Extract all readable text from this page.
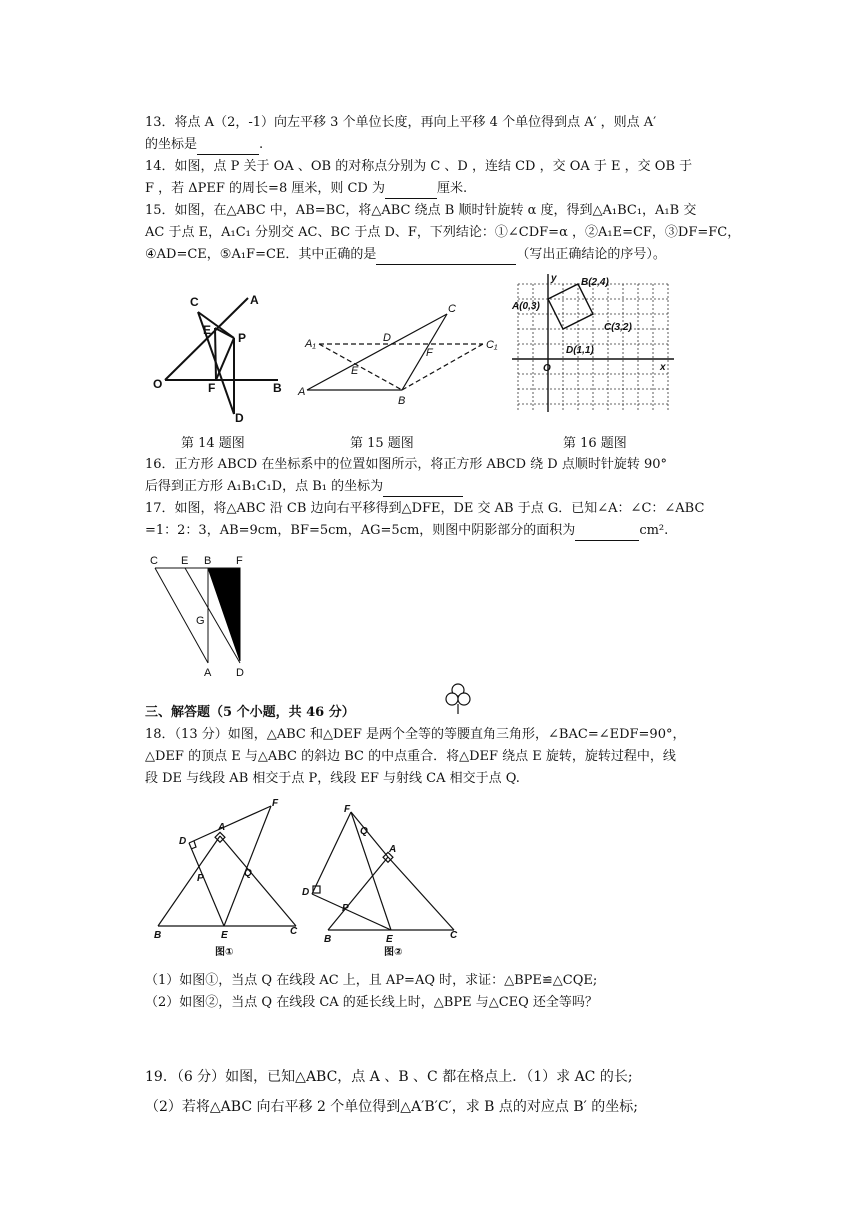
13．将点 A（2，-1）向左平移 3 个单位长度，再向上平移 4 个单位得到点 A′ ，则点 A′
的坐标是	.
14．如图，点 P 关于 OA 、OB 的对称点分别为 C 、D ，连结 CD ，交 OA 于 E ，交 OB 于
F ，若 ΔPEF 的周长=8 厘米，则 CD 为	厘米.
15．如图，在△ABC 中，AB=BC，将△ABC 绕点 B 顺时针旋转 α 度，得到△A₁BC₁，A₁B 交
AC 于点 E，A₁C₁ 分别交 AC、BC 于点 D、F，下列结论：①∠CDF=α ，②A₁E=CF，③DF=FC，
④AD=CE，⑤A₁F=CE．其中正确的是	（写出正确结论的序号）。
C	A
E
P
O	F	B
D
C
A₁	D
C₁
F
E
A
B
y B(2,4)
A(0,3)
C(3,2)
D(1,1)
O	x
第 14 题图	第 15 题图	第 16 题图
16．正方形 ABCD 在坐标系中的位置如图所示，将正方形 ABCD 绕 D 点顺时针旋转 90°
后得到正方形 A₁B₁C₁D，点 B₁ 的坐标为
17．如图，将△ABC 沿 CB 边向右平移得到△DFE，DE 交 AB 于点 G．已知∠A：∠C：∠ABC
=1：2：3，AB=9cm，BF=5cm，AG=5cm，则图中阴影部分的面积为	cm².
C E B F
G
A D
三、解答题（5 个小题，共 46 分）
18．（13 分）如图，△ABC 和△DEF 是两个全等的等腰直角三角形，∠BAC=∠EDF=90°，
△DEF 的顶点 E 与△ABC 的斜边 BC 的中点重合．将△DEF 绕点 E 旋转，旋转过程中，线
段 DE 与线段 AB 相交于点 P，线段 EF 与射线 CA 相交于点 Q.
F
D
A
P	Q
B	E	C
图①
F
Q
A
D
P
B	E	C
图②
（1）如图①，当点 Q 在线段 AC 上，且 AP=AQ 时，求证：△BPE≌△CQE;
（2）如图②，当点 Q 在线段 CA 的延长线上时，△BPE 与△CEQ 还全等吗？
19．（6 分）如图，已知△ABC，点 A 、B 、C 都在格点上．（1）求 AC 的长;
（2）若将△ABC 向右平移 2 个单位得到△A′B′C′，求 B 点的对应点 B′ 的坐标;
